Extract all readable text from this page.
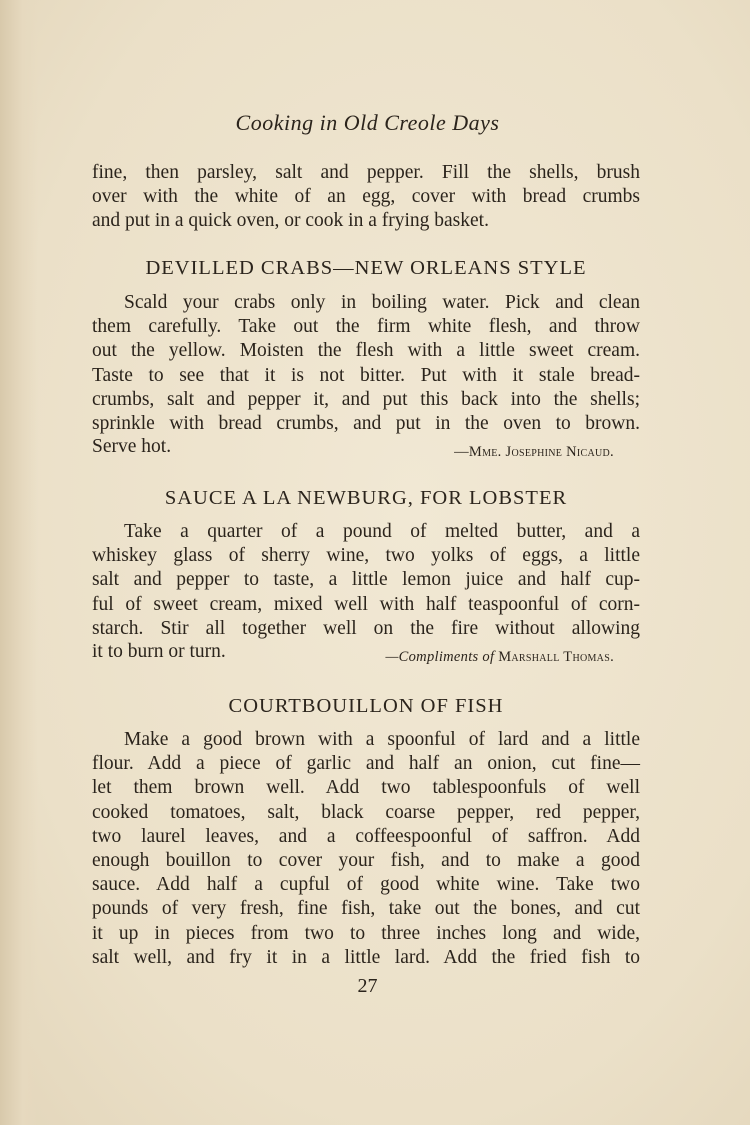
Cooking in Old Creole Days

fine, then parsley, salt and pepper. Fill the shells, brush

over with the white of an egg, cover with bread crumbs

and put in a quick oven, or cook in a frying basket.

DEVILLED CRABS—NEW ORLEANS STYLE

Scald your crabs only in boiling water. Pick and clean

them carefully. Take out the firm white flesh, and throw

out the yellow. Moisten the flesh with a little sweet cream.

Taste to see that it is not bitter. Put with it stale bread-

crumbs, salt and pepper it, and put this back into the shells;

sprinkle with bread crumbs, and put in the oven to brown.

Serve hot.	—Mme. Josephine Nicaud.
SAUCE A LA NEWBURG, FOR LOBSTER

Take a quarter of a pound of melted butter, and a

whiskey glass of sherry wine, two yolks of eggs, a little

salt and pepper to taste, a little lemon juice and half cup-

ful of sweet cream, mixed well with half teaspoonful of corn-

starch. Stir all together well on the fire without allowing

it to burn or turn.	—Compliments of Marshall Thomas.
COURTBOUILLON OF FISH

Make a good brown with a spoonful of lard and a little

flour. Add a piece of garlic and half an onion, cut fine—

let them brown well. Add two tablespoonfuls of well

cooked tomatoes, salt, black coarse pepper, red pepper,

two laurel leaves, and a coffeespoonful of saffron. Add

enough bouillon to cover your fish, and to make a good

sauce. Add half a cupful of good white wine. Take two

pounds of very fresh, fine fish, take out the bones, and cut

it up in pieces from two to three inches long and wide,

salt well, and fry it in a little lard. Add the fried fish to

27
